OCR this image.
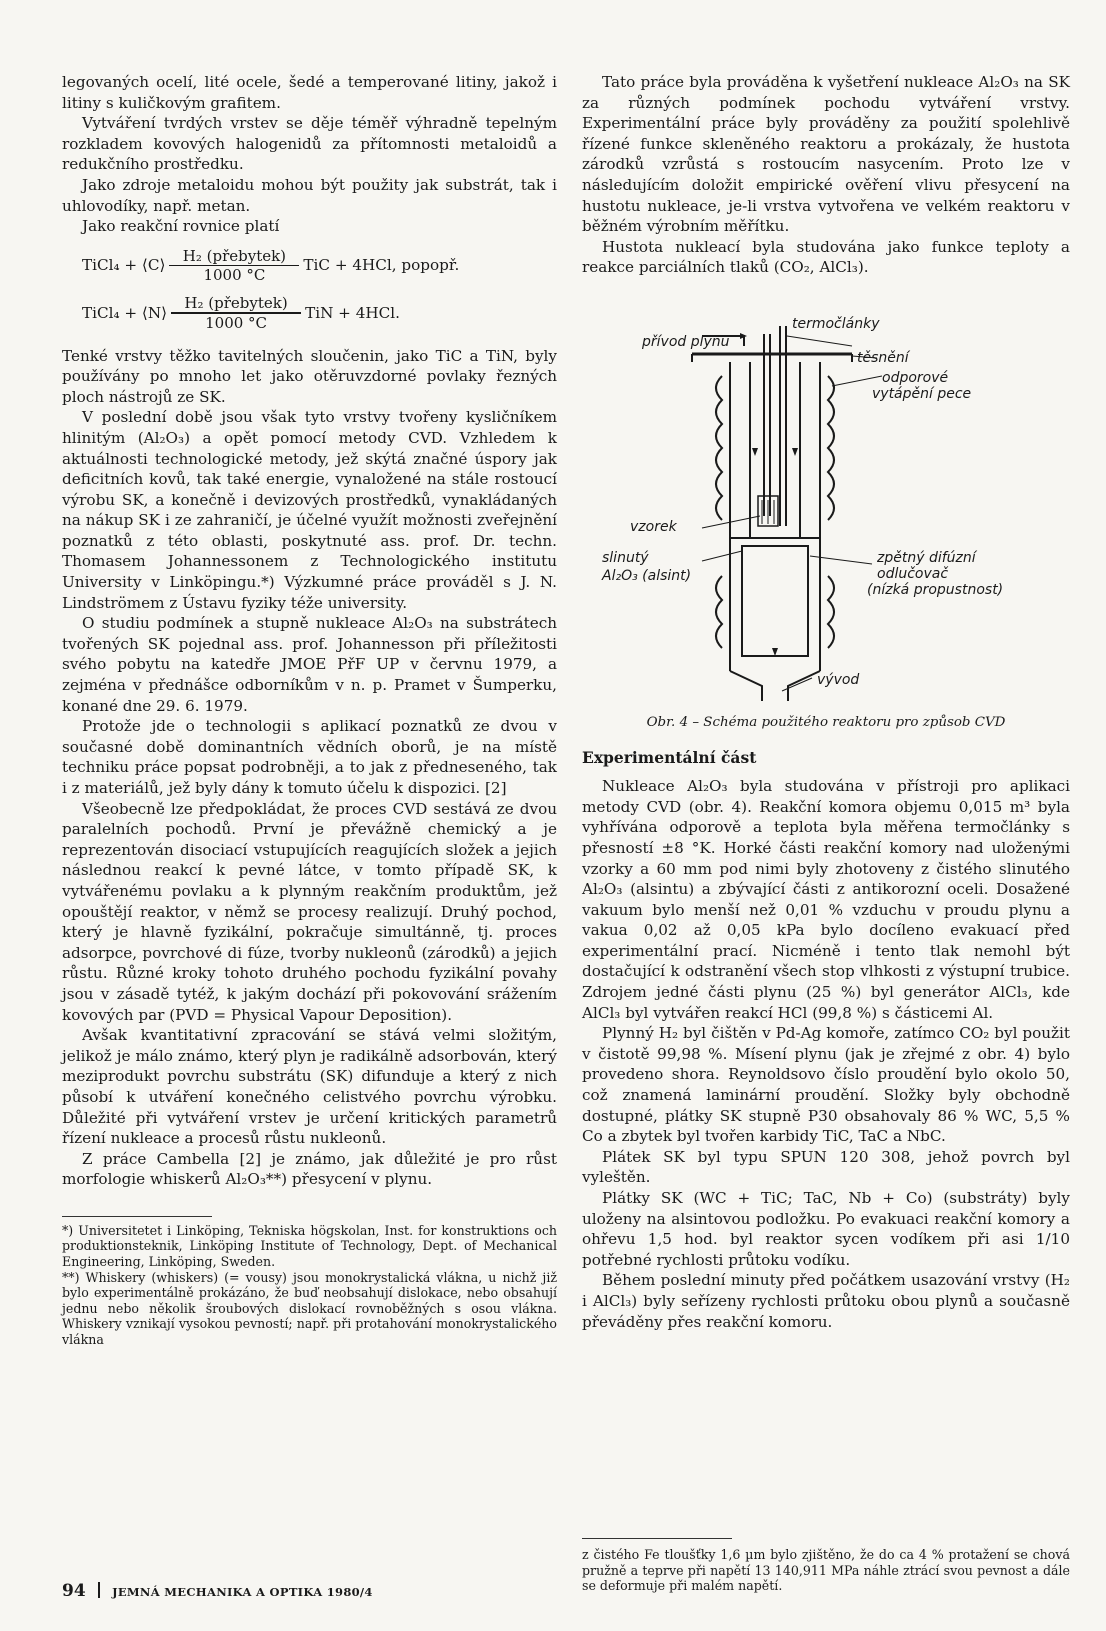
legovaných ocelí, lité ocele, šedé a temperované litiny, jakož i litiny s kuličkovým grafitem.

Vytváření tvrdých vrstev se děje téměř výhradně tepelným rozkladem kovových halogenidů za přítomnosti metaloidů a redukčního prostředku.

Jako zdroje metaloidu mohou být použity jak substrát, tak i uhlovodíky, např. metan.

Jako reakční rovnice platí

TiCl₄ + ⟨C⟩
H₂ (přebytek)
1000 °C
TiC + 4HCl, popopř.
TiCl₄ + ⟨N⟩
H₂ (přebytek)
1000 °C
TiN + 4HCl.

Tenké vrstvy těžko tavitelných sloučenin, jako TiC a TiN, byly používány po mnoho let jako otěruvzdorné povlaky řezných ploch nástrojů ze SK.

V poslední době jsou však tyto vrstvy tvořeny kysličníkem hlinitým (Al₂O₃) a opět pomocí metody CVD. Vzhledem k aktuálnosti technologické metody, jež skýtá značné úspory jak deficitních kovů, tak také energie, vynaložené na stále rostoucí výrobu SK, a konečně i devizových prostředků, vynakládaných na nákup SK i ze zahraničí, je účelné využít možnosti zveřejnění poznatků z této oblasti, poskytnuté ass. prof. Dr. techn. Thomasem Johannessonem z Technologického institutu University v Linköpingu.*) Výzkumné práce prováděl s J. N. Lindströmem z Ústavu fyziky téže university.

O studiu podmínek a stupně nukleace Al₂O₃ na substrátech tvořených SK pojednal ass. prof. Johannesson při příležitosti svého pobytu na katedře JMOE PřF UP v červnu 1979, a zejména v přednášce odborníkům v n. p. Pramet v Šumperku, konané dne 29. 6. 1979.

Protože jde o technologii s aplikací poznatků ze dvou v současné době dominantních vědních oborů, je na místě techniku práce popsat podrobněji, a to jak z předneseného, tak i z materiálů, jež byly dány k tomuto účelu k dispozici. [2]

Všeobecně lze předpokládat, že proces CVD sestává ze dvou paralelních pochodů. První je převážně chemický a je reprezentován disociací vstupujících reagujících složek a jejich následnou reakcí k pevné látce, v tomto případě SK, k vytvářenému povlaku a k plynným reakčním produktům, jež opouštějí reaktor, v němž se procesy realizují. Druhý pochod, který je hlavně fyzikální, pokračuje simultánně, tj. proces adsorpce, povrchové di fúze, tvorby nukleonů (zárodků) a jejich růstu. Různé kroky tohoto druhého pochodu fyzikální povahy jsou v zásadě tytéž, k jakým dochází při pokovování srážením kovových par (PVD = Physical Vapour Deposition).

Avšak kvantitativní zpracování se stává velmi složitým, jelikož je málo známo, který plyn je radikálně adsorbován, který meziprodukt povrchu substrátu (SK) difunduje a který z nich působí k utváření konečného celistvého povrchu výrobku. Důležité při vytváření vrstev je určení kritických parametrů řízení nukleace a procesů růstu nukleonů.

Z práce Cambella [2] je známo, jak důležité je pro růst morfologie whiskerů Al₂O₃**) přesycení v plynu.

*) Universitetet i Linköping, Tekniska högskolan, Inst. for konstruktions och produktionsteknik, Linköping Institute of Technology, Dept. of Mechanical Engineering, Linköping, Sweden.

**) Whiskery (whiskers) (= vousy) jsou monokrystalická vlákna, u nichž již bylo experimentálně prokázáno, že buď neobsahují dislokace, nebo obsahují jednu nebo několik šroubových dislokací rovnoběžných s osou vlákna. Whiskery vznikají vysokou pevností; např. při protahování monokrystalického vlákna

Tato práce byla prováděna k vyšetření nukleace Al₂O₃ na SK za různých podmínek pochodu vytváření vrstvy. Experimentální práce byly prováděny za použití spolehlivě řízené funkce skleněného reaktoru a prokázaly, že hustota zárodků vzrůstá s rostoucím nasycením. Proto lze v následujícím doložit empirické ověření vlivu přesycení na hustotu nukleace, je-li vrstva vytvořena ve velkém reaktoru v běžném výrobním měřítku.

Hustota nukleací byla studována jako funkce teploty a reakce parciálních tlaků (CO₂, AlCl₃).

přívod plynu
termočlánky
těsnění
odporové
vytápění pece
vzorek
slinutý
Al₂O₃ (alsint)
zpětný difúzní
odlučovač
(nízká propustnost)
vývod

Obr. 4 – Schéma použitého reaktoru pro způsob CVD

Experimentální část

Nukleace Al₂O₃ byla studována v přístroji pro aplikaci metody CVD (obr. 4). Reakční komora objemu 0,015 m³ byla vyhřívána odporově a teplota byla měřena termočlánky s přesností ±8 °K. Horké části reakční komory nad uloženými vzorky a 60 mm pod nimi byly zhotoveny z čistého slinutého Al₂O₃ (alsintu) a zbývající části z antikorozní oceli. Dosažené vakuum bylo menší než 0,01 % vzduchu v proudu plynu a vakua 0,02 až 0,05 kPa bylo docíleno evakuací před experimentální prací. Nicméně i tento tlak nemohl být dostačující k odstranění všech stop vlhkosti z výstupní trubice. Zdrojem jedné části plynu (25 %) byl generátor AlCl₃, kde AlCl₃ byl vytvářen reakcí HCl (99,8 %) s částicemi Al.

Plynný H₂ byl čištěn v Pd-Ag komoře, zatímco CO₂ byl použit v čistotě 99,98 %. Mísení plynu (jak je zřejmé z obr. 4) bylo provedeno shora. Reynoldsovo číslo proudění bylo okolo 50, což znamená laminární proudění. Složky byly obchodně dostupné, plátky SK stupně P30 obsahovaly 86 % WC, 5,5 % Co a zbytek byl tvořen karbidy TiC, TaC a NbC.

Plátek SK byl typu SPUN 120 308, jehož povrch byl vyleštěn.

Plátky SK (WC + TiC; TaC, Nb + Co) (substráty) byly uloženy na alsintovou podložku. Po evakuaci reakční komory a ohřevu 1,5 hod. byl reaktor sycen vodíkem při asi 1/10 potřebné rychlosti průtoku vodíku.

Během poslední minuty před počátkem usazování vrstvy (H₂ i AlCl₃) byly seřízeny rychlosti průtoku obou plynů a současně převáděny přes reakční komoru.

z čistého Fe tloušťky 1,6 µm bylo zjištěno, že do ca 4 % protažení se chová pružně a teprve při napětí 13 140,911 MPa náhle ztrácí svou pevnost a dále se deformuje při malém napětí.

94 JEMNÁ MECHANIKA A OPTIKA 1980/4
